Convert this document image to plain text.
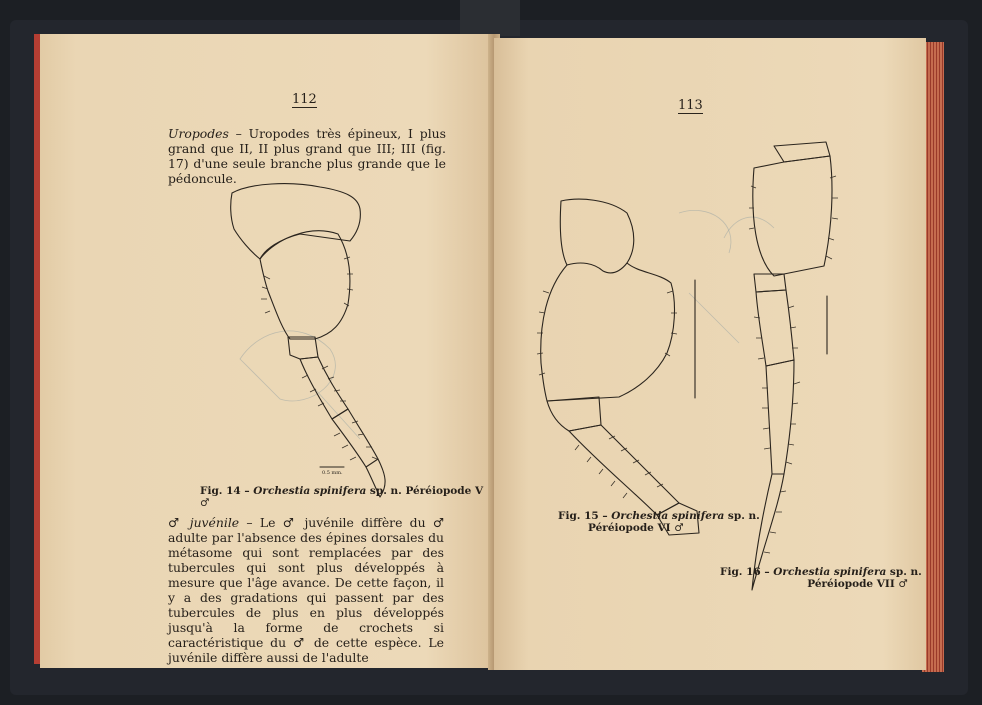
112
Uropodes – Uropodes très épineux, I plus grand que II, II plus grand que III; III (fig. 17) d'une seule branche plus grande que le pédoncule.
0.5 mm.
Fig. 14 – Orchestia spinifera sp. n. Péréiopode V ♂
♂ juvénile – Le ♂ juvénile diffère du ♂ adulte par l'absence des épines dorsales du métasome qui sont remplacées par des tubercules qui sont plus développés à mesure que l'âge avance. De cette façon, il y a des gradations qui passent par des tubercules de plus en plus développés jusqu'à la forme de crochets si caractéristique du ♂ de cette espèce. Le juvénile diffère aussi de l'adulte
113
Fig. 15 – Orchestia spinifera sp. n.
Péréiopode VI ♂
Fig. 16 – Orchestia spinifera sp. n.
Péréiopode VII ♂
